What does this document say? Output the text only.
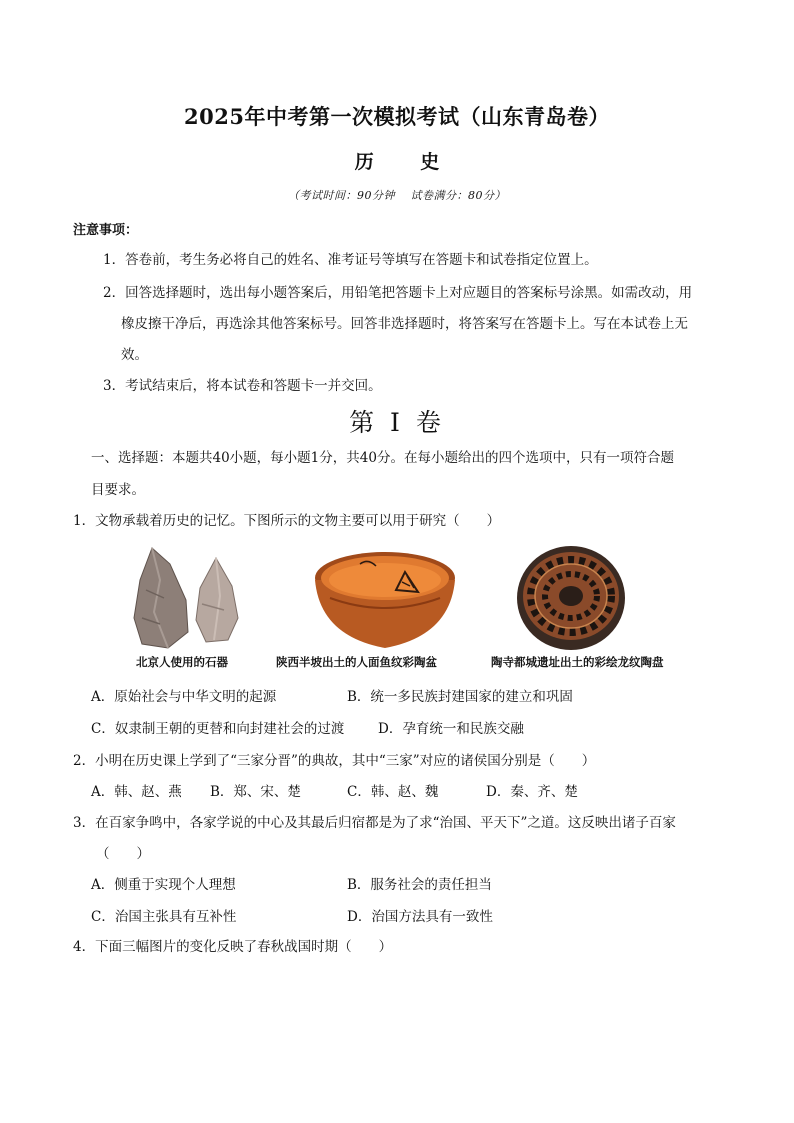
2025年中考第一次模拟考试（山东青岛卷）
历 史
（考试时间：90分钟　 试卷满分：80分）
注意事项：
1．答卷前，考生务必将自己的姓名、准考证号等填写在答题卡和试卷指定位置上。
2．回答选择题时，选出每小题答案后，用铅笔把答题卡上对应题目的答案标号涂黑。如需改动，用
橡皮擦干净后，再选涂其他答案标号。回答非选择题时，将答案写在答题卡上。写在本试卷上无
效。
3．考试结束后，将本试卷和答题卡一并交回。
第 I 卷
一、选择题：本题共40小题，每小题1分，共40分。在每小题给出的四个选项中，只有一项符合题
目要求。
1．文物承载着历史的记忆。下图所示的文物主要可以用于研究（　　）
北京人使用的石器	陕西半坡出土的人面鱼纹彩陶盆	陶寺都城遗址出土的彩绘龙纹陶盘
A．原始社会与中华文明的起源	B．统一多民族封建国家的建立和巩固
C．奴隶制王朝的更替和向封建社会的过渡 D．孕育统一和民族交融
2．小明在历史课上学到了“三家分晋”的典故，其中“三家”对应的诸侯国分别是（　　）
A．韩、赵、燕 B．郑、宋、楚	C．韩、赵、魏	D．秦、齐、楚
3．在百家争鸣中，各家学说的中心及其最后归宿都是为了求“治国、平天下”之道。这反映出诸子百家
（　　）
A．侧重于实现个人理想	B．服务社会的责任担当
C．治国主张具有互补性	D．治国方法具有一致性
4．下面三幅图片的变化反映了春秋战国时期（　　）
